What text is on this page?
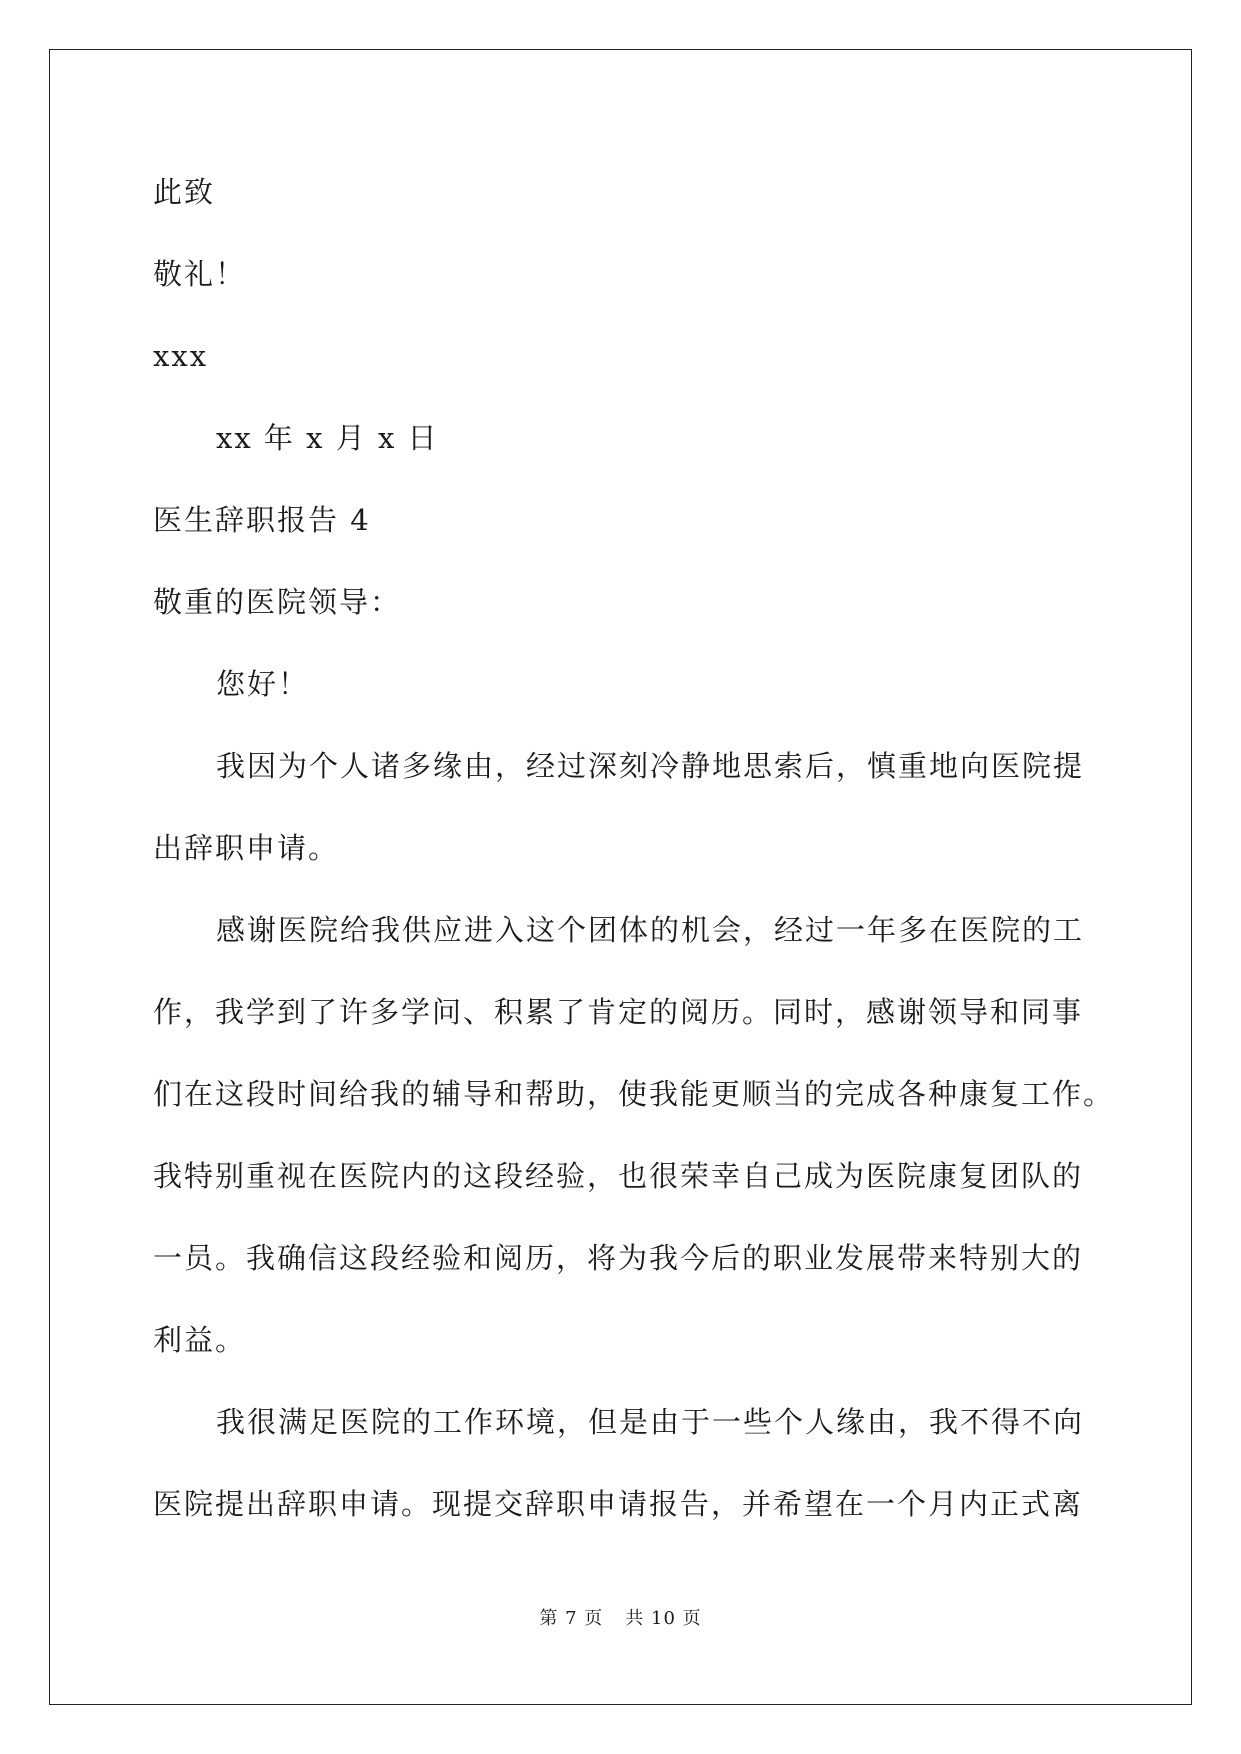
此致
敬礼！
xxx
xx 年 x 月 x 日
医生辞职报告 4
敬重的医院领导：
您好！
我因为个人诸多缘由，经过深刻冷静地思索后，慎重地向医院提
出辞职申请。
感谢医院给我供应进入这个团体的机会，经过一年多在医院的工
作，我学到了许多学问、积累了肯定的阅历。同时，感谢领导和同事
们在这段时间给我的辅导和帮助，使我能更顺当的完成各种康复工作。
我特别重视在医院内的这段经验，也很荣幸自己成为医院康复团队的
一员。我确信这段经验和阅历，将为我今后的职业发展带来特别大的
利益。
我很满足医院的工作环境，但是由于一些个人缘由，我不得不向
医院提出辞职申请。现提交辞职申请报告，并希望在一个月内正式离
第 7 页 共 10 页
